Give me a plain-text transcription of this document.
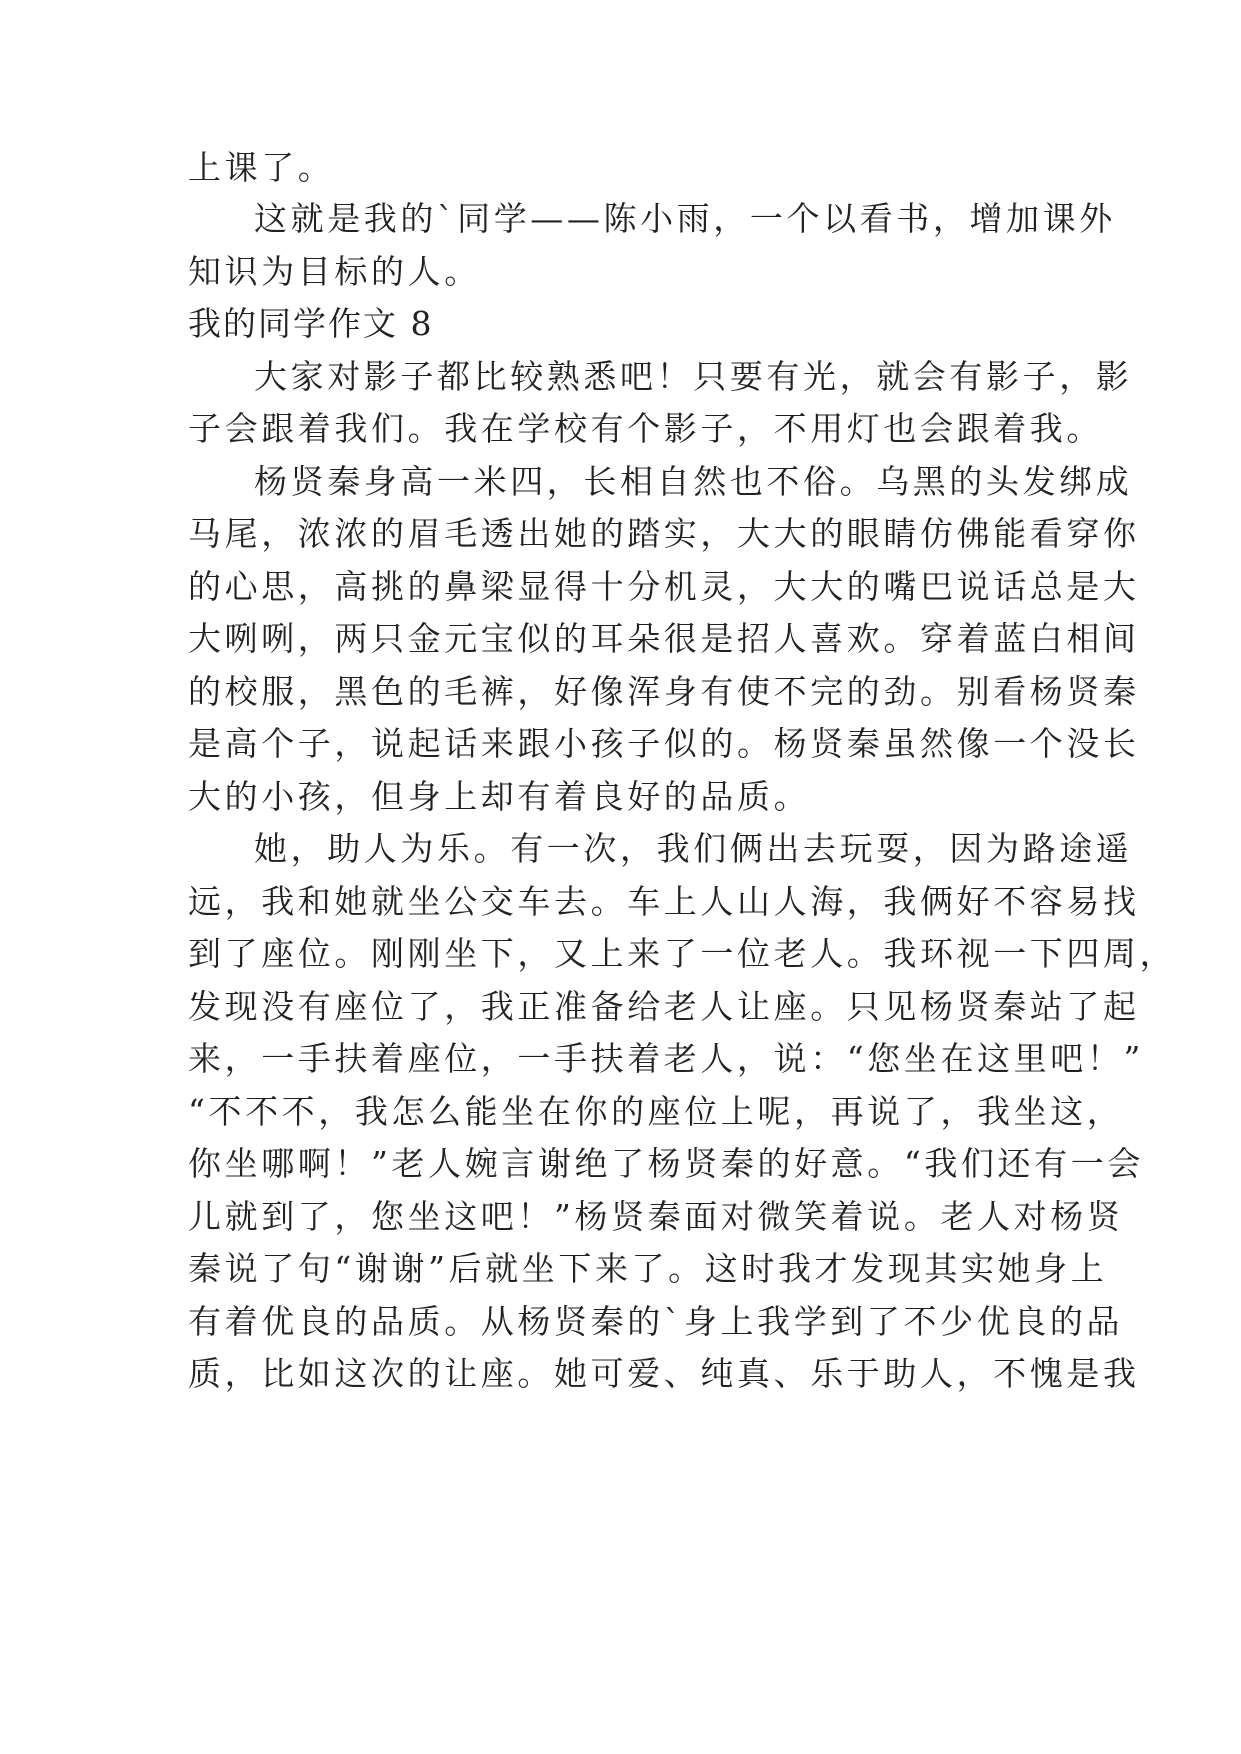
上课了。
这就是我的`同学——陈小雨，一个以看书，增加课外
知识为目标的人。
我的同学作文 8
大家对影子都比较熟悉吧！只要有光，就会有影子，影
子会跟着我们。我在学校有个影子，不用灯也会跟着我。
杨贤秦身高一米四，长相自然也不俗。乌黑的头发绑成
马尾，浓浓的眉毛透出她的踏实，大大的眼睛仿佛能看穿你
的心思，高挑的鼻梁显得十分机灵，大大的嘴巴说话总是大
大咧咧，两只金元宝似的耳朵很是招人喜欢。穿着蓝白相间
的校服，黑色的毛裤，好像浑身有使不完的劲。别看杨贤秦
是高个子，说起话来跟小孩子似的。杨贤秦虽然像一个没长
大的小孩，但身上却有着良好的品质。
她，助人为乐。有一次，我们俩出去玩耍，因为路途遥
远，我和她就坐公交车去。车上人山人海，我俩好不容易找
到了座位。刚刚坐下，又上来了一位老人。我环视一下四周，
发现没有座位了，我正准备给老人让座。只见杨贤秦站了起
来，一手扶着座位，一手扶着老人，说：“您坐在这里吧！”
“不不不，我怎么能坐在你的座位上呢，再说了，我坐这，
你坐哪啊！”老人婉言谢绝了杨贤秦的好意。“我们还有一会
儿就到了，您坐这吧！”杨贤秦面对微笑着说。老人对杨贤
秦说了句“谢谢”后就坐下来了。这时我才发现其实她身上
有着优良的品质。从杨贤秦的`身上我学到了不少优良的品
质，比如这次的让座。她可爱、纯真、乐于助人，不愧是我
